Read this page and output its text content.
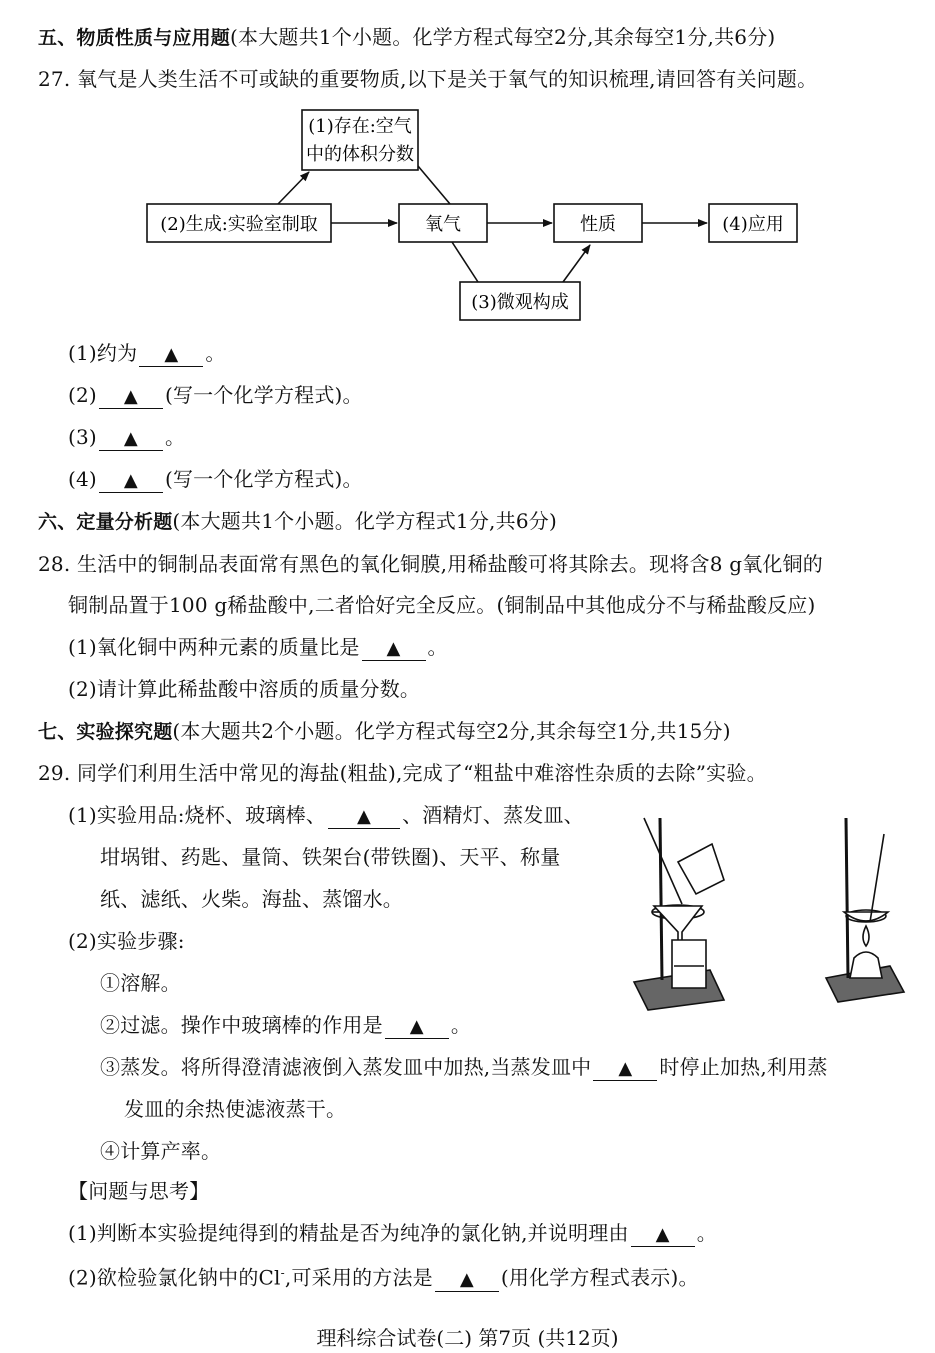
五、物质性质与应用题(本大题共1个小题。化学方程式每空2分,其余每空1分,共6分)
27. 氧气是人类生活不可或缺的重要物质,以下是关于氧气的知识梳理,请回答有关问题。
(1)存在:空气
中的体积分数
(2)生成:实验室制取	氧气	性质	(4)应用
(3)微观构成
(1)约为 ▲ 。
(2) ▲ (写一个化学方程式)。
(3) ▲ 。
(4) ▲ (写一个化学方程式)。
六、定量分析题(本大题共1个小题。化学方程式1分,共6分)
28. 生活中的铜制品表面常有黑色的氧化铜膜,用稀盐酸可将其除去。现将含8 g氧化铜的
铜制品置于100 g稀盐酸中,二者恰好完全反应。(铜制品中其他成分不与稀盐酸反应)
(1)氧化铜中两种元素的质量比是 ▲ 。
(2)请计算此稀盐酸中溶质的质量分数。
七、实验探究题(本大题共2个小题。化学方程式每空2分,其余每空1分,共15分)
29. 同学们利用生活中常见的海盐(粗盐),完成了“粗盐中难溶性杂质的去除”实验。
(1)实验用品:烧杯、玻璃棒、 ▲ 、酒精灯、蒸发皿、
坩埚钳、药匙、量筒、铁架台(带铁圈)、天平、称量
纸、滤纸、火柴。海盐、蒸馏水。
(2)实验步骤:
①溶解。
②过滤。操作中玻璃棒的作用是 ▲ 。
③蒸发。将所得澄清滤液倒入蒸发皿中加热,当蒸发皿中 ▲ 时停止加热,利用蒸
发皿的余热使滤液蒸干。
④计算产率。
【问题与思考】
(1)判断本实验提纯得到的精盐是否为纯净的氯化钠,并说明理由 ▲ 。
(2)欲检验氯化钠中的Cl-,可采用的方法是 ▲ (用化学方程式表示)。
理科综合试卷(二) 第7页 (共12页)
